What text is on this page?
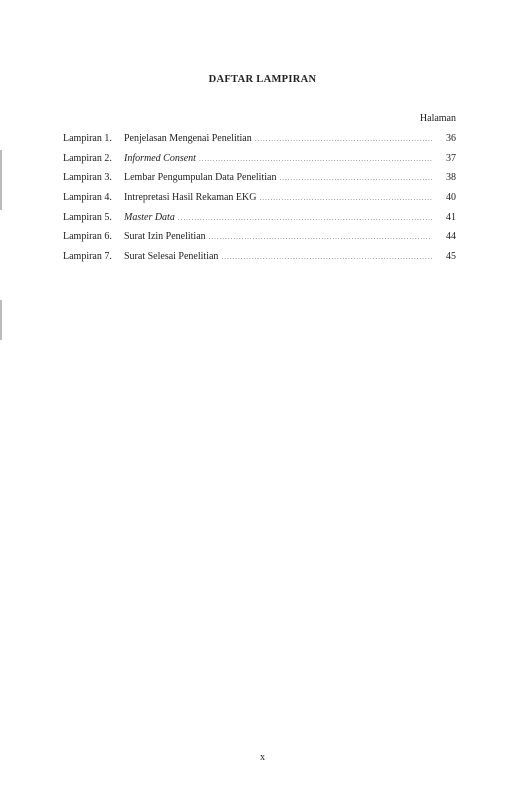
DAFTAR LAMPIRAN
Halaman
Lampiran 1.	Penjelasan Mengenai Penelitian .....	36
Lampiran 2.	Informed Consent .....	37
Lampiran 3.	Lembar Pengumpulan Data Penelitian .....	38
Lampiran 4.	Intrepretasi Hasil Rekaman EKG .....	40
Lampiran 5.	Master Data .....	41
Lampiran 6.	Surat Izin Penelitian .....	44
Lampiran 7.	Surat Selesai Penelitian .....	45
x
